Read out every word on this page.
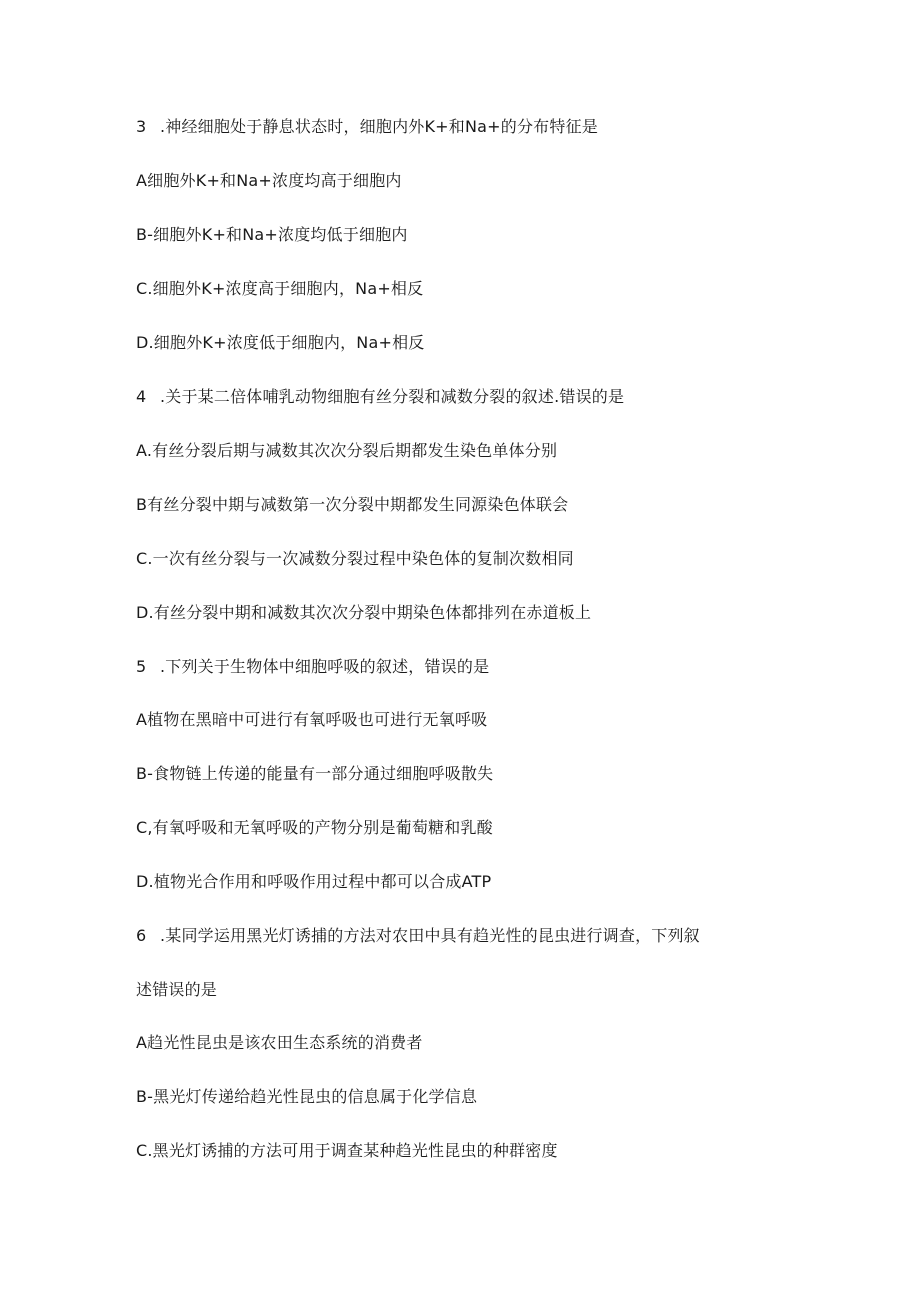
3 .神经细胞处于静息状态时，细胞内外K+和Na+的分布特征是
A细胞外K+和Na+浓度均高于细胞内
B-细胞外K+和Na+浓度均低于细胞内
C.细胞外K+浓度高于细胞内，Na+相反
D.细胞外K+浓度低于细胞内，Na+相反
4 .关于某二倍体哺乳动物细胞有丝分裂和减数分裂的叙述.错误的是
A.有丝分裂后期与减数其次次分裂后期都发生染色单体分别
B有丝分裂中期与减数第一次分裂中期都发生同源染色体联会
C.一次有丝分裂与一次减数分裂过程中染色体的复制次数相同
D.有丝分裂中期和减数其次次分裂中期染色体都排列在赤道板上
5 .下列关于生物体中细胞呼吸的叙述，错误的是
A植物在黑暗中可进行有氧呼吸也可进行无氧呼吸
B-食物链上传递的能量有一部分通过细胞呼吸散失
C,有氧呼吸和无氧呼吸的产物分别是葡萄糖和乳酸
D.植物光合作用和呼吸作用过程中都可以合成ATP
6 .某同学运用黑光灯诱捕的方法对农田中具有趋光性的昆虫进行调查，下列叙
述错误的是
A趋光性昆虫是该农田生态系统的消费者
B-黑光灯传递给趋光性昆虫的信息属于化学信息
C.黑光灯诱捕的方法可用于调查某种趋光性昆虫的种群密度
